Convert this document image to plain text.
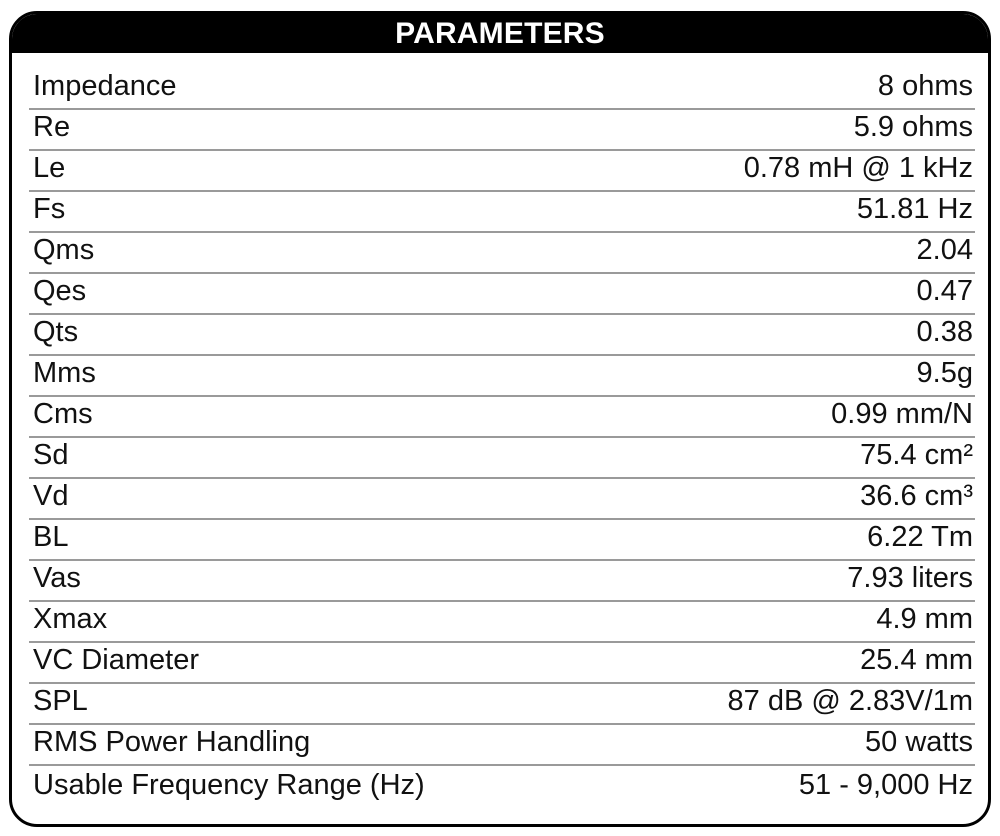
PARAMETERS
Impedance	8 ohms
Re	5.9 ohms
Le	0.78 mH @ 1 kHz
Fs	51.81 Hz
Qms	2.04
Qes	0.47
Qts	0.38
Mms	9.5g
Cms	0.99 mm/N
Sd	75.4 cm²
Vd	36.6 cm³
BL	6.22 Tm
Vas	7.93 liters
Xmax	4.9 mm
VC Diameter	25.4 mm
SPL	87 dB @ 2.83V/1m
RMS Power Handling	50 watts
Usable Frequency Range (Hz)	51 - 9,000 Hz
